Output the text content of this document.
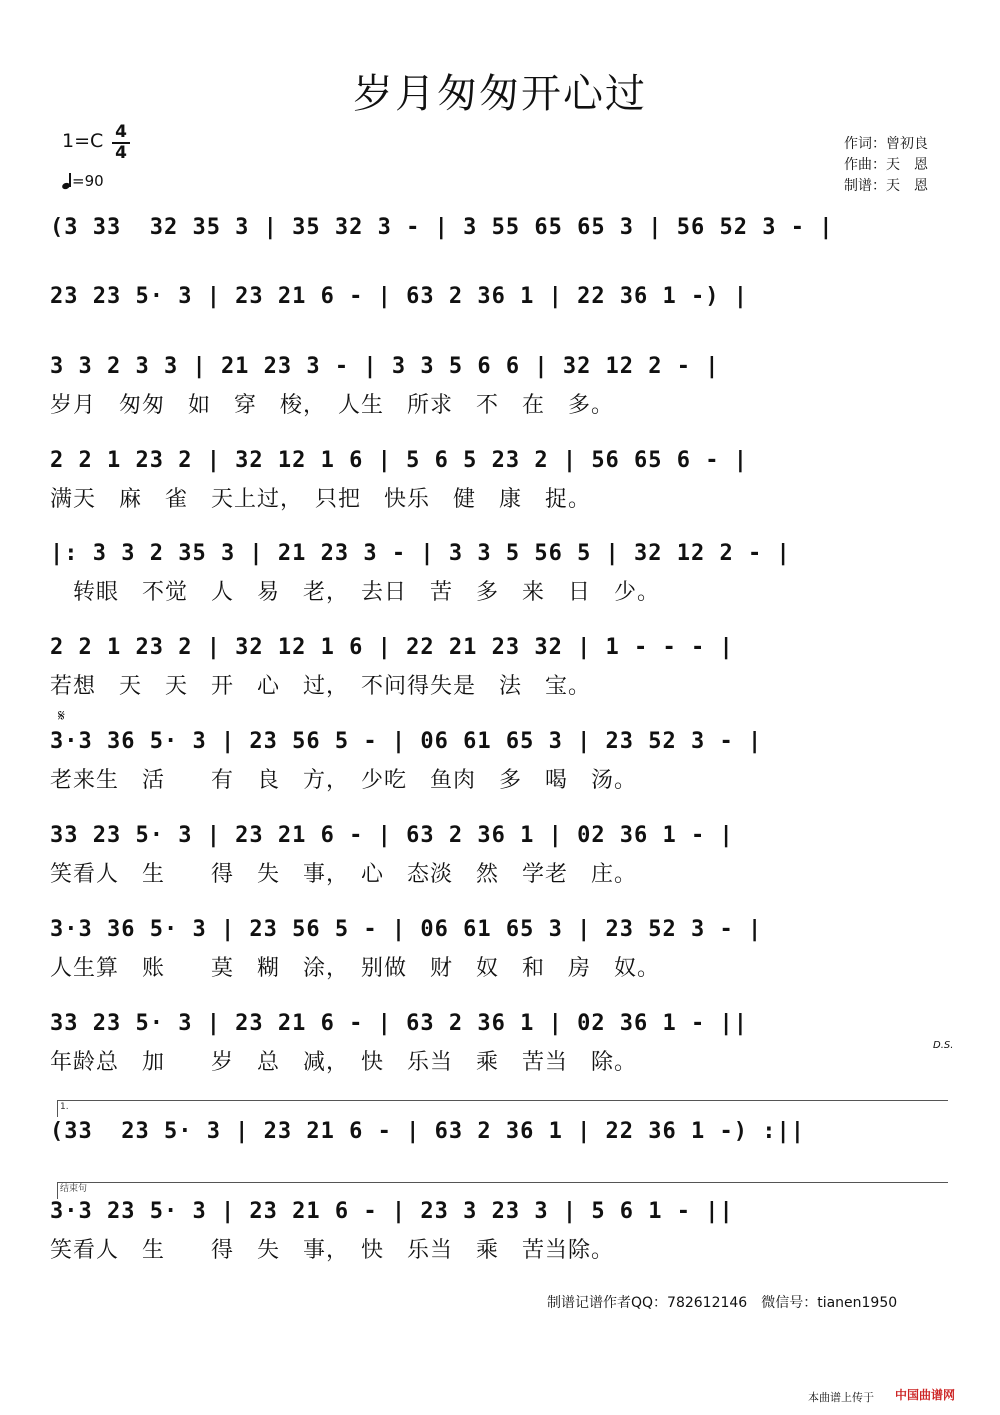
岁月匆匆开心过
1=C 4
4
=90
作词：曾初良
作曲：天　恩
制谱：天　恩
(3 33  32 35 3 | 35 32 3 - | 3 55 65 65 3 | 56 52 3 - |
23 23 5· 3 | 23 21 6 - | 63 2 36 1 | 22 36 1 -) |
3 3 2 3 3 | 21 23 3 - | 3 3 5 6 6 | 32 12 2 - |
岁月　匆匆　如　穿　梭，　人生　所求　不　在　多。
2 2 1 23 2 | 32 12 1 6 | 5 6 5 23 2 | 56 65 6 - |
满天　麻　雀　天上过，　只把　快乐　健　康　捉。
|: 3 3 2 35 3 | 21 23 3 - | 3 3 5 56 5 | 32 12 2 - |
　转眼　不觉　人　易　老，　去日　苦　多　来　日　少。
2 2 1 23 2 | 32 12 1 6 | 22 21 23 32 | 1 - - - |
若想　天　天　开　心　过，　不问得失是　法　宝。
3·3 36 5· 3 | 23 56 5 - | 06 61 65 3 | 23 52 3 - |
老来生　活　　有　良　方，　少吃　鱼肉　多　喝　汤。
33 23 5· 3 | 23 21 6 - | 63 2 36 1 | 02 36 1 - |
笑看人　生　　得　失　事，　心　态淡　然　学老　庄。
3·3 36 5· 3 | 23 56 5 - | 06 61 65 3 | 23 52 3 - |
人生算　账　　莫　糊　涂，　别做　财　奴　和　房　奴。
33 23 5· 3 | 23 21 6 - | 63 2 36 1 | 02 36 1 - ||
年龄总　加　　岁　总　减，　快　乐当　乘　苦当　除。
(33  23 5· 3 | 23 21 6 - | 63 2 36 1 | 22 36 1 -) :||
3·3 23 5· 3 | 23 21 6 - | 23 3 23 3 | 5 6 1 - ||
笑看人　生　　得　失　事，　快　乐当　乘　苦当除。
𝄋
D.S.
1.
结束句
制谱记谱作者QQ：782612146　微信号：tianen1950
本曲谱上传于 中国曲谱网
